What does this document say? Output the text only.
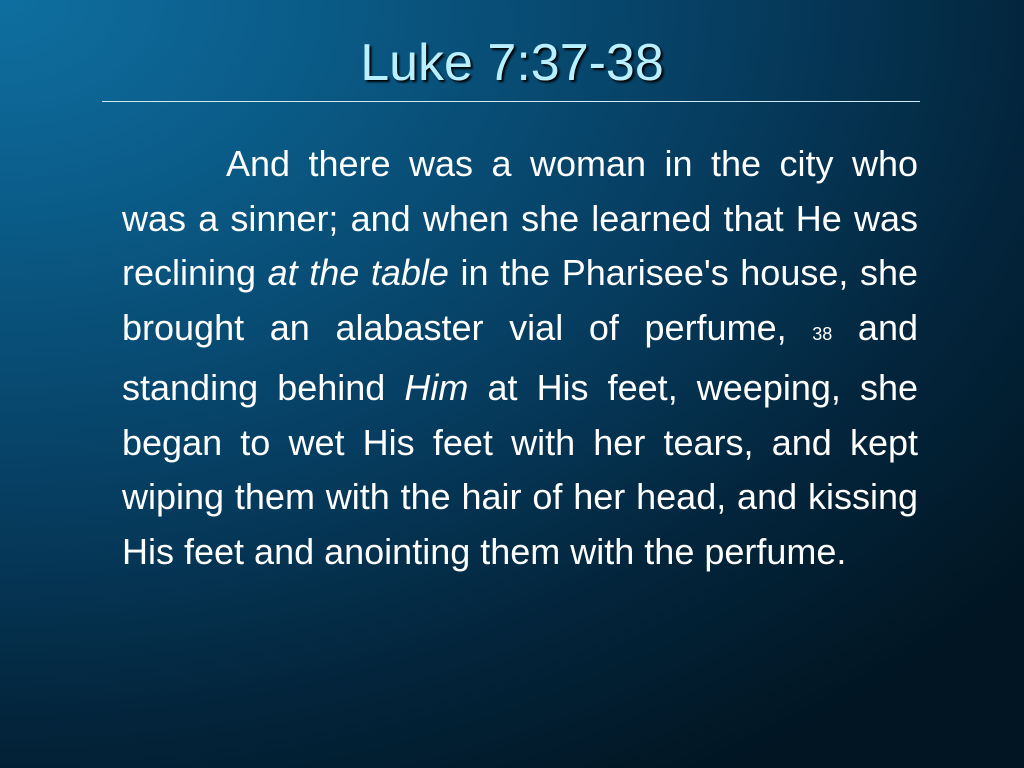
Luke 7:37-38

And there was a woman in the city who was a sinner; and when she learned that He was reclining at the table in the Pharisee's house, she brought an alabaster vial of perfume, 38 and standing behind Him at His feet, weeping, she began to wet His feet with her tears, and kept wiping them with the hair of her head, and kissing His feet and anointing them with the perfume.
